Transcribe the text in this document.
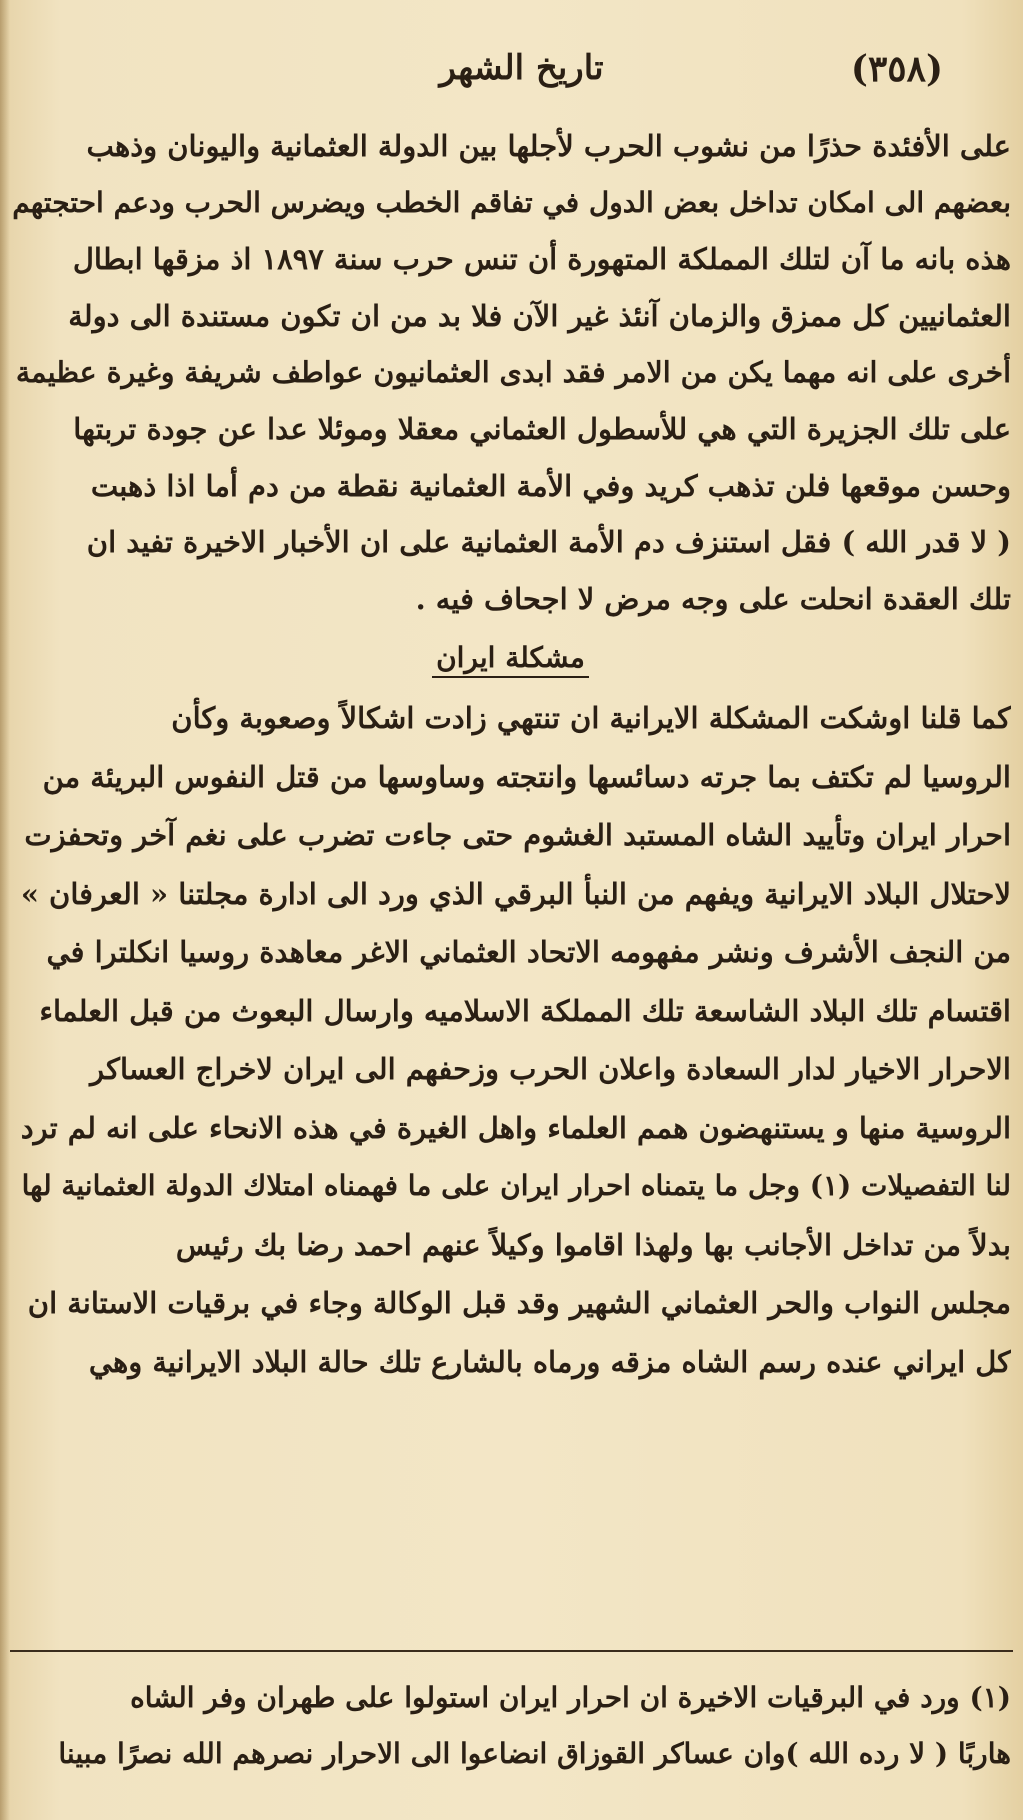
(٣٥٨)
تاريخ الشهر
على الأفئدة حذرًا من نشوب الحرب لأجلها بين الدولة العثمانية واليونان وذهب
بعضهم الى امكان تداخل بعض الدول في تفاقم الخطب ويضرس الحرب ودعم احتجتهم
هذه بانه ما آن لتلك المملكة المتهورة أن تنس حرب سنة ١٨٩٧ اذ مزقها ابطال
العثمانيين كل ممزق والزمان آنئذ غير الآن فلا بد من ان تكون مستندة الى دولة
أخرى على انه مهما يكن من الامر فقد ابدى العثمانيون عواطف شريفة وغيرة عظيمة
على تلك الجزيرة التي هي للأسطول العثماني معقلا وموئلا عدا عن جودة تربتها
وحسن موقعها فلن تذهب كريد وفي الأمة العثمانية نقطة من دم أما اذا ذهبت
( لا قدر الله ) فقل استنزف دم الأمة العثمانية على ان الأخبار الاخيرة تفيد ان
تلك العقدة انحلت على وجه مرض لا اجحاف فيه .
مشكلة ايران
كما قلنا اوشكت المشكلة الايرانية ان تنتهي زادت اشكالاً وصعوبة وكأن
الروسيا لم تكتف بما جرته دسائسها وانتجته وساوسها من قتل النفوس البريئة من
احرار ايران وتأييد الشاه المستبد الغشوم حتى جاءت تضرب على نغم آخر وتحفزت
لاحتلال البلاد الايرانية ويفهم من النبأ البرقي الذي ورد الى ادارة مجلتنا « العرفان »
من النجف الأشرف ونشر مفهومه الاتحاد العثماني الاغر معاهدة روسيا انكلترا في
اقتسام تلك البلاد الشاسعة تلك المملكة الاسلاميه وارسال البعوث من قبل العلماء
الاحرار الاخيار لدار السعادة واعلان الحرب وزحفهم الى ايران لاخراج العساكر
الروسية منها و يستنهضون همم العلماء واهل الغيرة في هذه الانحاء على انه لم ترد
لنا التفصيلات (١) وجل ما يتمناه احرار ايران على ما فهمناه امتلاك الدولة العثمانية لها
بدلاً من تداخل الأجانب بها ولهذا اقاموا وكيلاً عنهم احمد رضا بك رئيس
مجلس النواب والحر العثماني الشهير وقد قبل الوكالة وجاء في برقيات الاستانة ان
كل ايراني عنده رسم الشاه مزقه ورماه بالشارع تلك حالة البلاد الايرانية وهي
(١) ورد في البرقيات الاخيرة ان احرار ايران استولوا على طهران وفر الشاه
هاربًا ( لا رده الله )وان عساكر القوزاق انضاعوا الى الاحرار نصرهم الله نصرًا مبينا
